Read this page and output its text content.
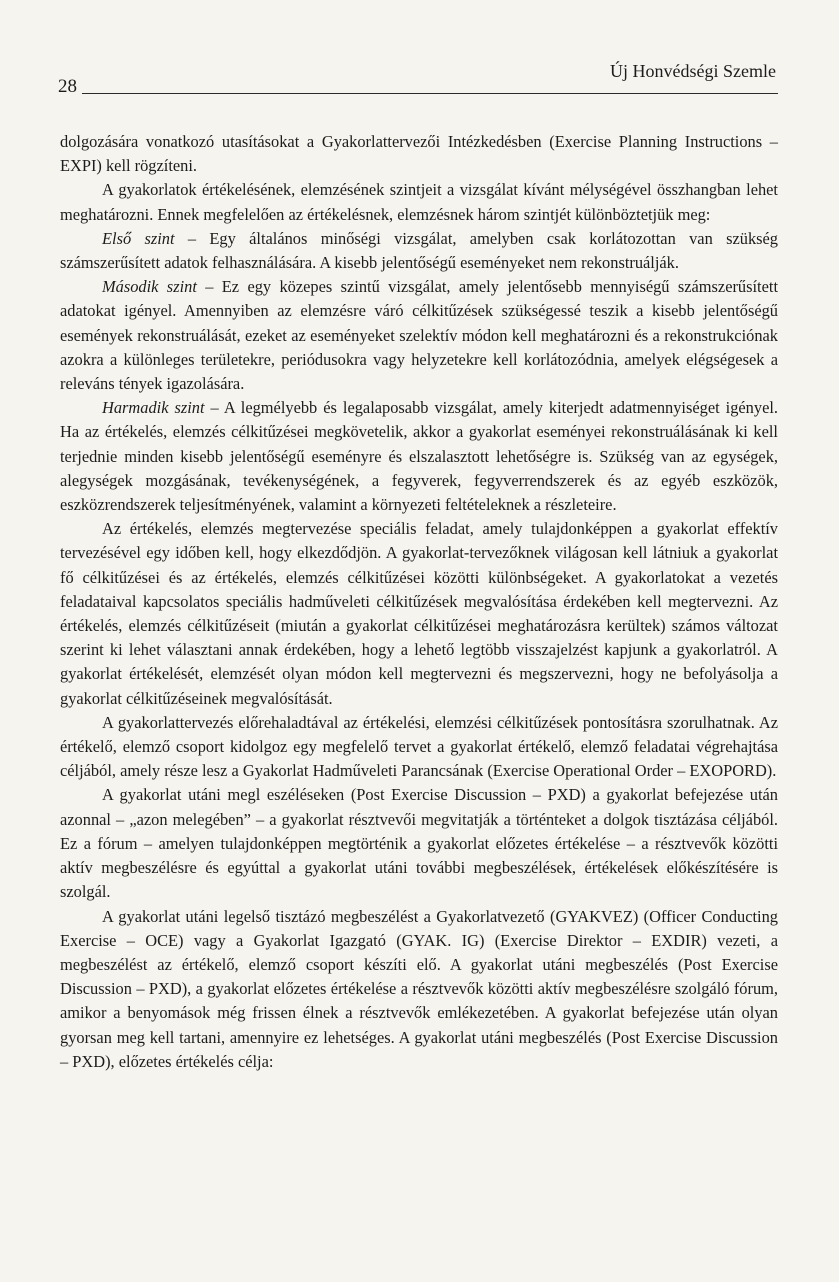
28
Új Honvédségi Szemle

dolgozására vonatkozó utasításokat a Gyakorlattervezői Intézkedésben (Exercise Planning Instructions – EXPI) kell rögzíteni.

A gyakorlatok értékelésének, elemzésének szintjeit a vizsgálat kívánt mélységével összhangban lehet meghatározni. Ennek megfelelően az értékelésnek, elemzésnek három szintjét különböztetjük meg:

Első szint – Egy általános minőségi vizsgálat, amelyben csak korlátozottan van szükség számszerűsített adatok felhasználására. A kisebb jelentőségű eseményeket nem rekonstruálják.

Második szint – Ez egy közepes szintű vizsgálat, amely jelentősebb mennyiségű számszerűsített adatokat igényel. Amennyiben az elemzésre váró célkitűzések szükségessé teszik a kisebb jelentőségű események rekonstruálását, ezeket az eseményeket szelektív módon kell meghatározni és a rekonstrukciónak azokra a különleges területekre, periódusokra vagy helyzetekre kell korlátozódnia, amelyek elégségesek a releváns tények igazolására.

Harmadik szint – A legmélyebb és legalaposabb vizsgálat, amely kiterjedt adatmennyiséget igényel. Ha az értékelés, elemzés célkitűzései megkövetelik, akkor a gyakorlat eseményei rekonstruálásának ki kell terjednie minden kisebb jelentőségű eseményre és elszalasztott lehetőségre is. Szükség van az egységek, alegységek mozgásának, tevékenységének, a fegyverek, fegyverrendszerek és az egyéb eszközök, eszközrendszerek teljesítményének, valamint a környezeti feltételeknek a részleteire.

Az értékelés, elemzés megtervezése speciális feladat, amely tulajdonképpen a gyakorlat effektív tervezésével egy időben kell, hogy elkezdődjön. A gyakorlat-tervezőknek világosan kell látniuk a gyakorlat fő célkitűzései és az értékelés, elemzés célkitűzései közötti különbségeket. A gyakorlatokat a vezetés feladataival kapcsolatos speciális hadműveleti célkitűzések megvalósítása érdekében kell megtervezni. Az értékelés, elemzés célkitűzéseit (miután a gyakorlat célkitűzései meghatározásra kerültek) számos változat szerint ki lehet választani annak érdekében, hogy a lehető legtöbb visszajelzést kapjunk a gyakorlatról. A gyakorlat értékelését, elemzését olyan módon kell megtervezni és megszervezni, hogy ne befolyásolja a gyakorlat célkitűzéseinek megvalósítását.

A gyakorlattervezés előrehaladtával az értékelési, elemzési célkitűzések pontosításra szorulhatnak. Az értékelő, elemző csoport kidolgoz egy megfelelő tervet a gyakorlat értékelő, elemző feladatai végrehajtása céljából, amely része lesz a Gyakorlat Hadműveleti Parancsának (Exercise Operational Order – EXOPORD).

A gyakorlat utáni megl eszéléseken (Post Exercise Discussion – PXD) a gyakorlat befejezése után azonnal – „azon melegében” – a gyakorlat résztvevői megvitatják a történteket a dolgok tisztázása céljából. Ez a fórum – amelyen tulajdonképpen megtörténik a gyakorlat előzetes értékelése – a résztvevők közötti aktív megbeszélésre és egyúttal a gyakorlat utáni további megbeszélések, értékelések előkészítésére is szolgál.

A gyakorlat utáni legelső tisztázó megbeszélést a Gyakorlatvezető (GYAKVEZ) (Officer Conducting Exercise – OCE) vagy a Gyakorlat Igazgató (GYAK. IG) (Exercise Direktor – EXDIR) vezeti, a megbeszélést az értékelő, elemző csoport készíti elő. A gyakorlat utáni megbeszélés (Post Exercise Discussion – PXD), a gyakorlat előzetes értékelése a résztvevők közötti aktív megbeszélésre szolgáló fórum, amikor a benyomások még frissen élnek a résztvevők emlékezetében. A gyakorlat befejezése után olyan gyorsan meg kell tartani, amennyire ez lehetséges. A gyakorlat utáni megbeszélés (Post Exercise Discussion – PXD), előzetes értékelés célja:
